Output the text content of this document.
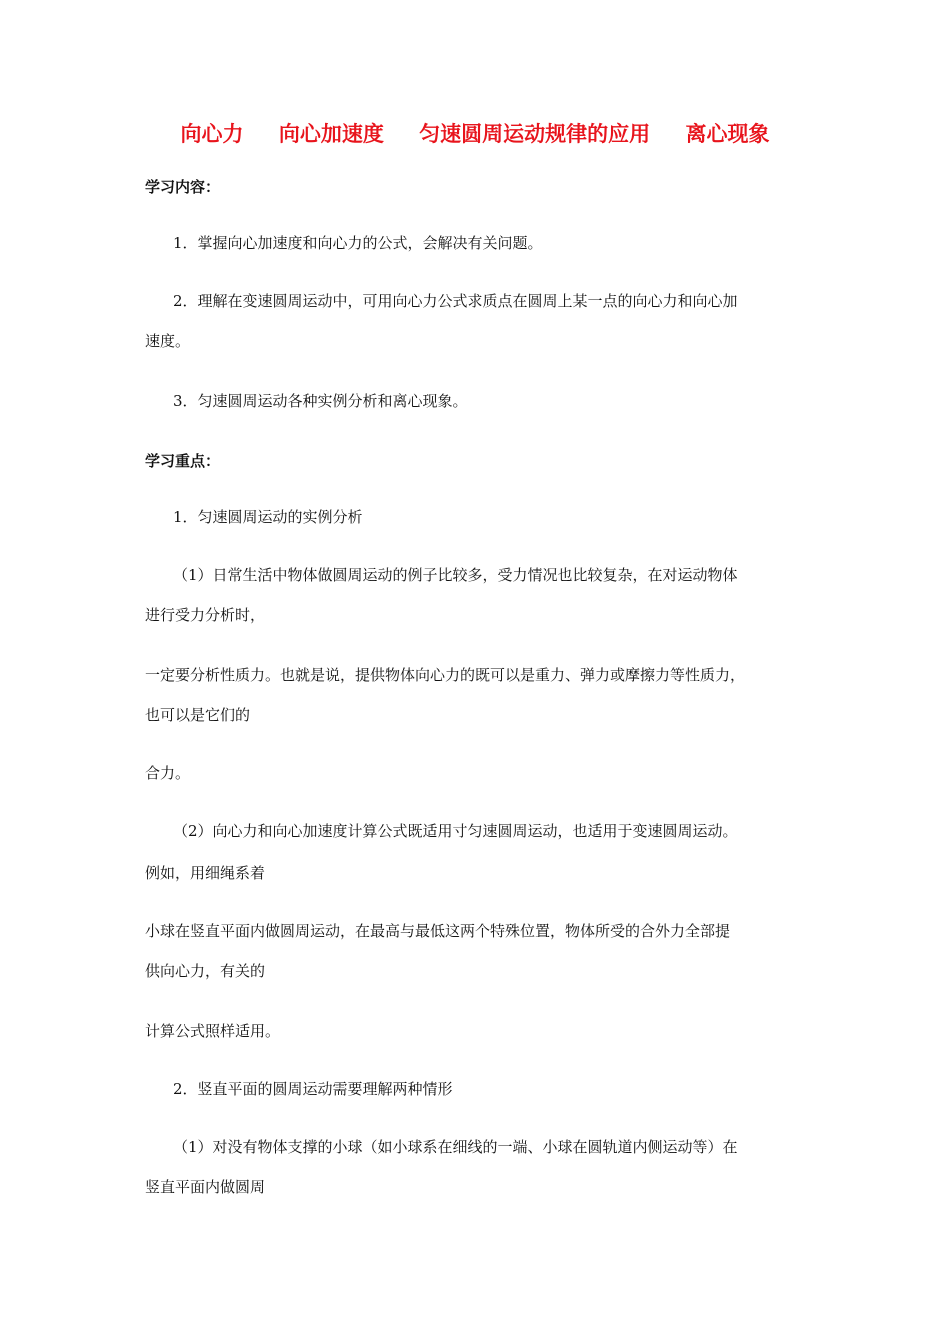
向心力 向心加速度 匀速圆周运动规律的应用 离心现象
学习内容：

1．掌握向心加速度和向心力的公式，会解决有关问题。

2．理解在变速圆周运动中，可用向心力公式求质点在圆周上某一点的向心力和向心加

速度。

3．匀速圆周运动各种实例分析和离心现象。

学习重点：

1．匀速圆周运动的实例分析

（1）日常生活中物体做圆周运动的例子比较多，受力情况也比较复杂，在对运动物体

进行受力分析时，

一定要分析性质力。也就是说，提供物体向心力的既可以是重力、弹力或摩擦力等性质力，

也可以是它们的

合力。

（2）向心力和向心加速度计算公式既适用寸匀速圆周运动，也适用于变速圆周运动。

例如，用细绳系着

小球在竖直平面内做圆周运动，在最高与最低这两个特殊位置，物体所受的合外力全部提

供向心力，有关的

计算公式照样适用。

2．竖直平面的圆周运动需要理解两种情形

（1）对没有物体支撑的小球（如小球系在细线的一端、小球在圆轨道内侧运动等）在

竖直平面内做圆周
